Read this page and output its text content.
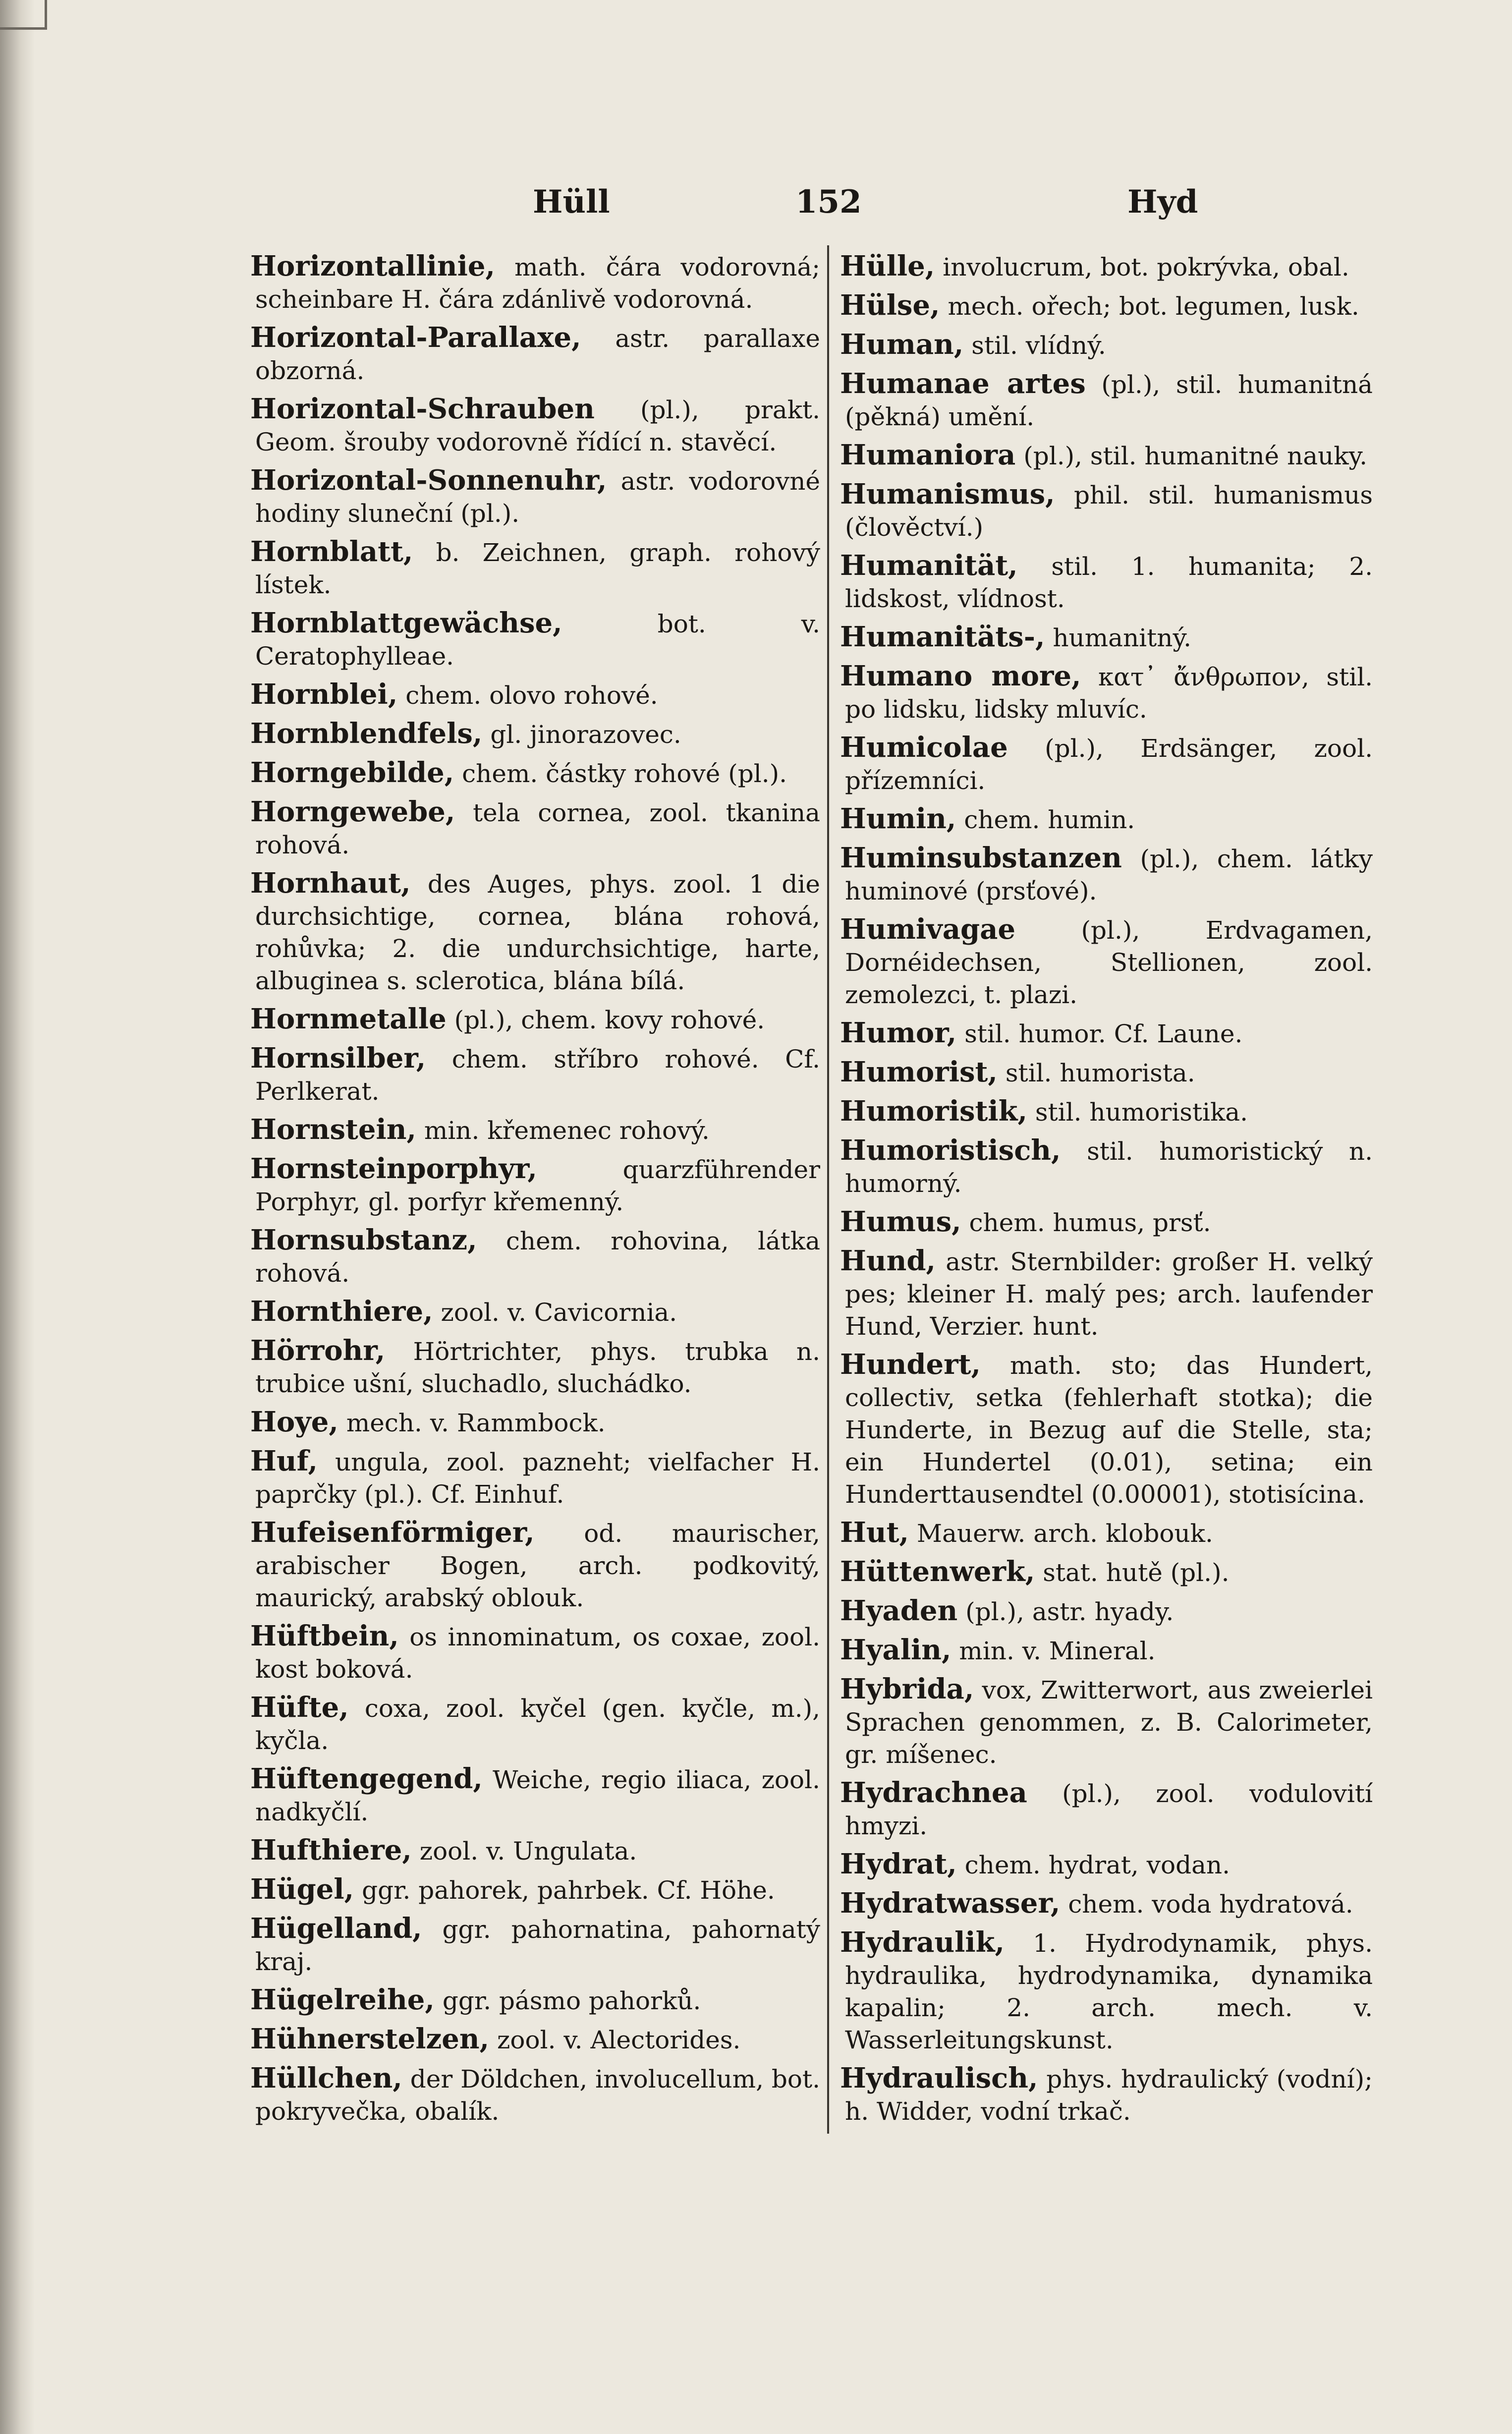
Hüll	152	Hyd
Horizontallinie, math. čára vodorovná; scheinbare H. čára zdánlivě vodorovná.
Horizontal-Parallaxe, astr. parallaxe obzorná.
Horizontal-Schrauben (pl.), prakt. Geom. šrouby vodorovně řídící n. stavěcí.
Horizontal-Sonnenuhr, astr. vodorovné hodiny sluneční (pl.).
Hornblatt, b. Zeichnen, graph. rohový lístek.
Hornblattgewächse,	bot. v. Ceratophylleae.
Hornblei, chem. olovo rohové.
Hornblendfels, gl. jinorazovec.
Horngebilde, chem. částky rohové (pl.).
Horngewebe, tela cornea, zool. tkanina rohová.
Hornhaut, des Auges, phys. zool. 1 die durchsichtige, cornea, blána rohová, rohůvka; 2. die undurchsichtige, harte, albuginea s. sclerotica, blána bílá.
Hornmetalle (pl.), chem. kovy rohové.
Hornsilber, chem. stříbro rohové. Cf. Perlkerat.
Hornstein, min. křemenec rohový.
Hornsteinporphyr,	quarzführender Porphyr, gl. porfyr křemenný.
Hornsubstanz, chem. rohovina, látka rohová.
Hornthiere, zool. v. Cavicornia.
Hörrohr, Hörtrichter, phys. trubka n. trubice ušní, sluchadlo, sluchádko.
Hoye, mech. v. Rammbock.
Huf, ungula, zool. pazneht; vielfacher H. paprčky (pl.). Cf. Einhuf.
Hufeisenförmiger, od. maurischer, arabischer Bogen, arch. podkovitý, maurický, arabský oblouk.
Hüftbein, os innominatum, os coxae, zool. kost boková.
Hüfte, coxa, zool. kyčel (gen. kyčle, m.), kyčla.
Hüftengegend, Weiche, regio iliaca, zool. nadkyčlí.
Hufthiere, zool. v. Ungulata.
Hügel, ggr. pahorek, pahrbek. Cf. Höhe.
Hügelland, ggr. pahornatina, pahornatý kraj.
Hügelreihe, ggr. pásmo pahorků.
Hühnerstelzen, zool. v. Alectorides.
Hüllchen, der Döldchen, involucellum, bot. pokryvečka, obalík.
Hülle, involucrum, bot. pokrývka, obal.
Hülse, mech. ořech; bot. legumen, lusk.
Human, stil. vlídný.
Humanae artes (pl.), stil. humanitná (pěkná) umění.
Humaniora (pl.), stil. humanitné nauky.
Humanismus, phil. stil. humanismus (člověctví.)
Humanität, stil. 1. humanita; 2. lidskost, vlídnost.
Humanitäts-, humanitný.
Humano more, κατ᾽ ἄνθρωπον, stil. po lidsku, lidsky mluvíc.
Humicolae (pl.), Erdsänger, zool. přízemníci.
Humin, chem. humin.
Huminsubstanzen (pl.), chem. látky huminové (prsťové).
Humivagae	(pl.), Erdvagamen, Dornéidechsen, Stellionen, zool. zemolezci, t. plazi.
Humor, stil. humor. Cf. Laune.
Humorist, stil. humorista.
Humoristik, stil. humoristika.
Humoristisch, stil. humoristický n. humorný.
Humus, chem. humus, prsť.
Hund, astr. Sternbilder: großer H. velký pes; kleiner H. malý pes; arch. laufender Hund, Verzier. hunt.
Hundert, math. sto; das Hundert, collectiv, setka (fehlerhaft stotka); die Hunderte, in Bezug auf die Stelle, sta; ein Hundertel (0.01), setina; ein Hunderttausendtel (0.00001), stotisícina.
Hut, Mauerw. arch. klobouk.
Hüttenwerk, stat. hutě (pl.).
Hyaden (pl.), astr. hyady.
Hyalin, min. v. Mineral.
Hybrida, vox, Zwitterwort, aus zweierlei Sprachen genommen, z. B. Calorimeter, gr. míšenec.
Hydrachnea (pl.), zool. vodulovití hmyzi.
Hydrat, chem. hydrat, vodan.
Hydratwasser, chem. voda hydratová.
Hydraulik, 1. Hydrodynamik, phys. hydraulika, hydrodynamika, dynamika kapalin; 2. arch. mech. v. Wasserleitungskunst.
Hydraulisch, phys. hydraulický (vodní); h. Widder, vodní trkač.
